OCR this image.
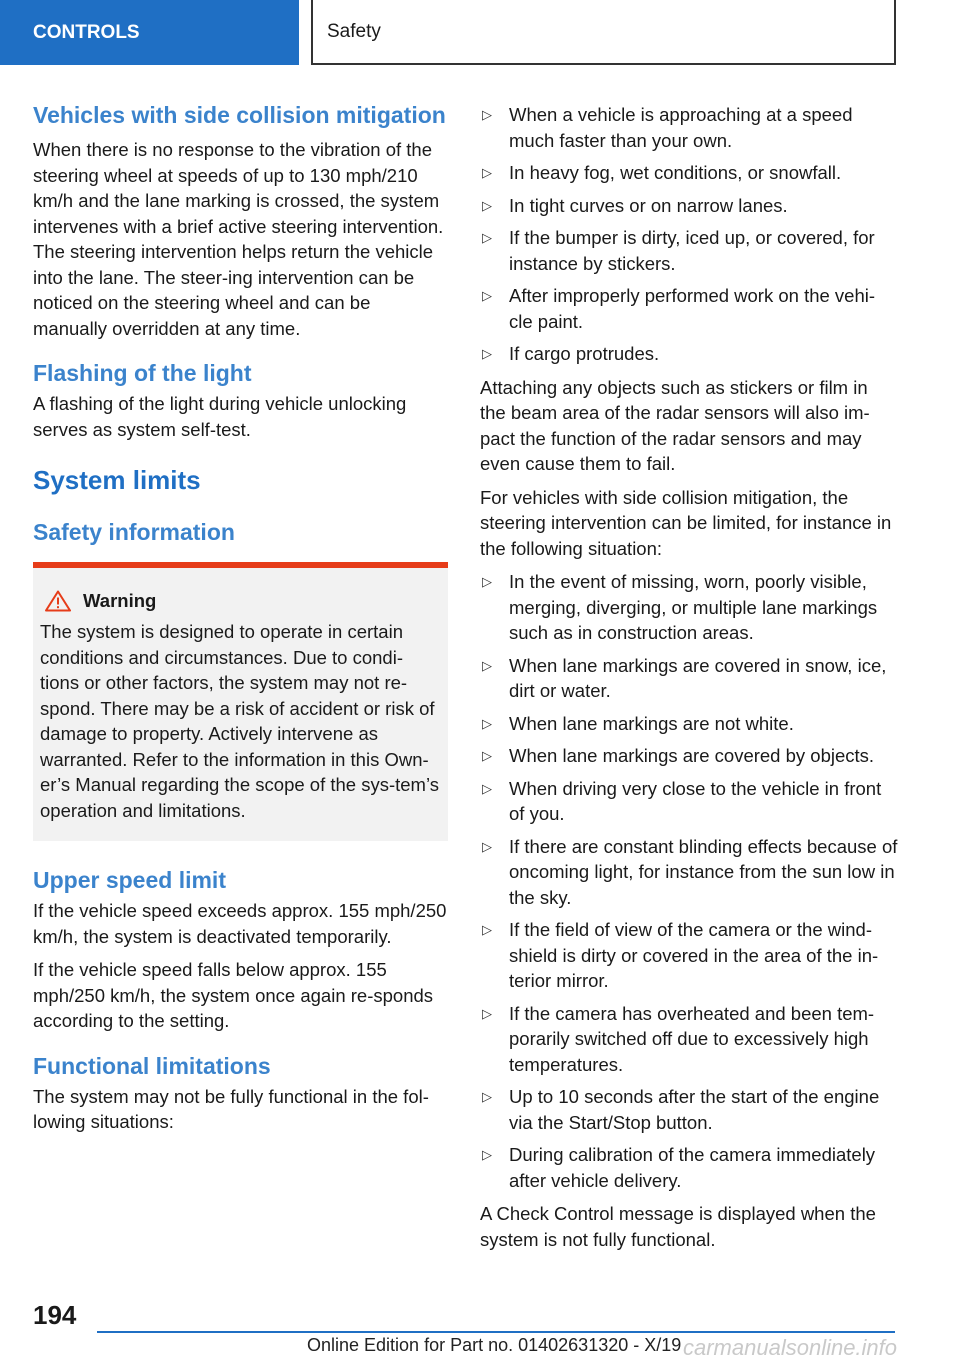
CONTROLS	Safety
Vehicles with side collision mitigation

When there is no response to the vibration of the steering wheel at speeds of up to 130 mph/210 km/h and the lane marking is crossed, the system intervenes with a brief active steering intervention. The steering intervention helps return the vehicle into the lane. The steer‐ing intervention can be noticed on the steering wheel and can be manually overridden at any time.

Flashing of the light

A flashing of the light during vehicle unlocking serves as system self-test.

System limits
Safety information
Warning

The system is designed to operate in certain conditions and circumstances. Due to condi‐tions or other factors, the system may not re‐spond. There may be a risk of accident or risk of damage to property. Actively intervene as warranted. Refer to the information in this Own‐er’s Manual regarding the scope of the sys‐tem’s operation and limitations.

Upper speed limit

If the vehicle speed exceeds approx. 155 mph/250 km/h, the system is deactivated temporarily.

If the vehicle speed falls below approx. 155 mph/250 km/h, the system once again re‐sponds according to the setting.

Functional limitations

The system may not be fully functional in the fol‐lowing situations:

▷ When a vehicle is approaching at a speed much faster than your own.
▷ In heavy fog, wet conditions, or snowfall.
▷ In tight curves or on narrow lanes.
▷ If the bumper is dirty, iced up, or covered, for instance by stickers.
▷ After improperly performed work on the vehi‐cle paint.
▷ If cargo protrudes.

Attaching any objects such as stickers or film in the beam area of the radar sensors will also im‐pact the function of the radar sensors and may even cause them to fail.

For vehicles with side collision mitigation, the steering intervention can be limited, for instance in the following situation:

▷ In the event of missing, worn, poorly visible, merging, diverging, or multiple lane markings such as in construction areas.
▷ When lane markings are covered in snow, ice, dirt or water.
▷ When lane markings are not white.
▷ When lane markings are covered by objects.
▷ When driving very close to the vehicle in front of you.
▷ If there are constant blinding effects because of oncoming light, for instance from the sun low in the sky.
▷ If the field of view of the camera or the wind‐shield is dirty or covered in the area of the in‐terior mirror.
▷ If the camera has overheated and been tem‐porarily switched off due to excessively high temperatures.
▷ Up to 10 seconds after the start of the engine via the Start/Stop button.
▷ During calibration of the camera immediately after vehicle delivery.

A Check Control message is displayed when the system is not fully functional.

194
Online Edition for Part no. 01402631320 - X/19 carmanualsonline.info
